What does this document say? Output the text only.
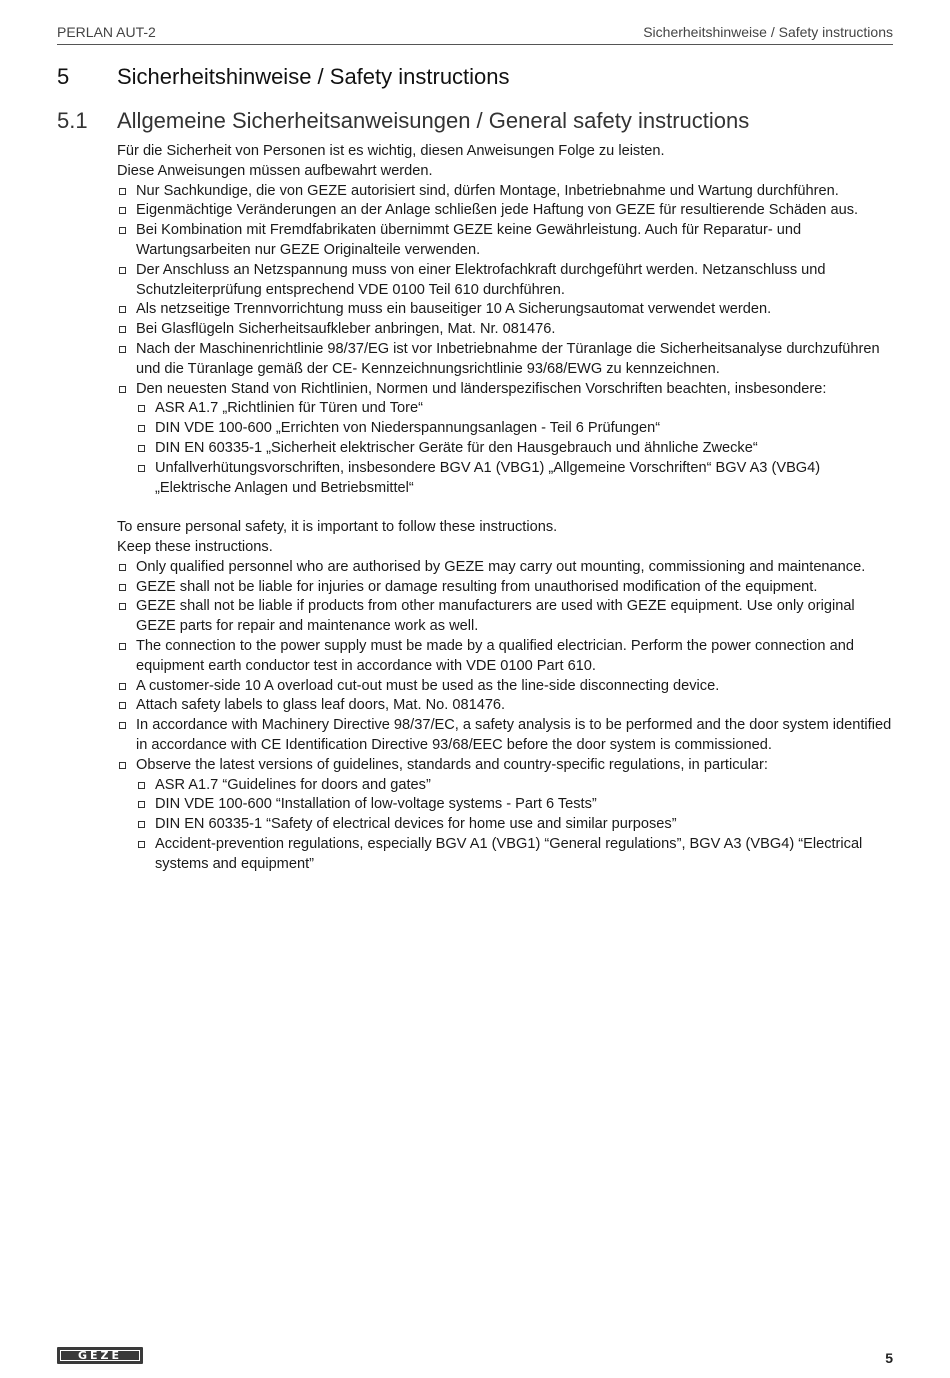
PERLAN AUT-2	Sicherheitshinweise / Safety instructions
5	Sicherheitshinweise / Safety instructions
5.1 Allgemeine Sicherheitsanweisungen / General safety instructions

Für die Sicherheit von Personen ist es wichtig, diesen Anweisungen Folge zu leisten.

Diese Anweisungen müssen aufbewahrt werden.

Nur Sachkundige, die von GEZE autorisiert sind, dürfen Montage, Inbetriebnahme und Wartung durchführen.
Eigenmächtige Veränderungen an der Anlage schließen jede Haftung von GEZE für resultierende Schäden aus.
Bei Kombination mit Fremdfabrikaten übernimmt GEZE keine Gewährleistung. Auch für Reparatur- und Wartungsarbeiten nur GEZE Originalteile verwenden.
Der Anschluss an Netzspannung muss von einer Elektrofachkraft durchgeführt werden. Netzanschluss und Schutzleiterprüfung entsprechend VDE 0100 Teil 610 durchführen.
Als netzseitige Trennvorrichtung muss ein bauseitiger 10 A Sicherungsautomat verwendet werden.
Bei Glasflügeln Sicherheitsaufkleber anbringen, Mat. Nr. 081476.
Nach der Maschinenrichtlinie 98/37/EG ist vor Inbetriebnahme der Türanlage die Sicherheitsanalyse durchzuführen und die Türanlage gemäß der CE- Kennzeichnungsrichtlinie 93/68/EWG zu kennzeichnen.
Den neuesten Stand von Richtlinien, Normen und länderspezifischen Vorschriften beachten, insbesondere:
ASR A1.7 „Richtlinien für Türen und Tore“
DIN VDE 100-600 „Errichten von Niederspannungsanlagen - Teil 6 Prüfungen“
DIN EN 60335-1 „Sicherheit elektrischer Geräte für den Hausgebrauch und ähnliche Zwecke“
Unfallverhütungsvorschriften, insbesondere BGV A1 (VBG1) „Allgemeine Vorschriften“ BGV A3 (VBG4) „Elektrische Anlagen und Betriebsmittel“

To ensure personal safety, it is important to follow these instructions.

Keep these instructions.

Only qualified personnel who are authorised by GEZE may carry out mounting, commissioning and maintenance.
GEZE shall not be liable for injuries or damage resulting from unauthorised modification of the equipment.
GEZE shall not be liable if products from other manufacturers are used with GEZE equipment. Use only original GEZE parts for repair and maintenance work as well.
The connection to the power supply must be made by a qualified electrician. Perform the power connection and equipment earth conductor test in accordance with VDE 0100 Part 610.
A customer-side 10 A overload cut-out must be used as the line-side disconnecting device.
Attach safety labels to glass leaf doors, Mat. No. 081476.
In accordance with Machinery Directive 98/37/EC, a safety analysis is to be performed and the door system identified in accordance with CE Identification Directive 93/68/EEC before the door system is commissioned.
Observe the latest versions of guidelines, standards and country-specific regulations, in particular:
ASR A1.7 “Guidelines for doors and gates”
DIN VDE 100-600 “Installation of low-voltage systems - Part 6 Tests”
DIN EN 60335-1 “Safety of electrical devices for home use and similar purposes”
Accident-prevention regulations, especially BGV A1 (VBG1) “General regulations”, BGV A3 (VBG4) “Electrical systems and equipment”
GEZE	5
